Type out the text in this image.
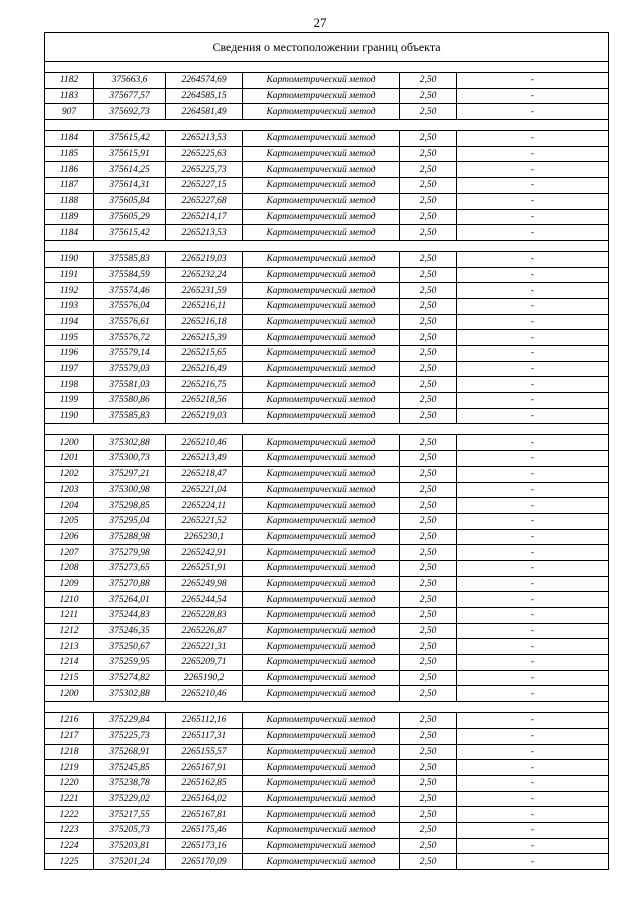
27
Сведения о местоположении границ объекта					

1182	375663,6	2264574,69	Картометрический метод	2,50	-
1183	375677,57	2264585,15	Картометрический метод	2,50	-
907	375692,73	2264581,49	Картометрический метод	2,50	-

1184	375615,42	2265213,53	Картометрический метод	2,50	-
1185	375615,91	2265225,63	Картометрический метод	2,50	-
1186	375614,25	2265225,73	Картометрический метод	2,50	-
1187	375614,31	2265227,15	Картометрический метод	2,50	-
1188	375605,84	2265227,68	Картометрический метод	2,50	-
1189	375605,29	2265214,17	Картометрический метод	2,50	-
1184	375615,42	2265213,53	Картометрический метод	2,50	-

1190	375585,83	2265219,03	Картометрический метод	2,50	-
1191	375584,59	2265232,24	Картометрический метод	2,50	-
1192	375574,46	2265231,59	Картометрический метод	2,50	-
1193	375576,04	2265216,11	Картометрический метод	2,50	-
1194	375576,61	2265216,18	Картометрический метод	2,50	-
1195	375576,72	2265215,39	Картометрический метод	2,50	-
1196	375579,14	2265215,65	Картометрический метод	2,50	-
1197	375579,03	2265216,49	Картометрический метод	2,50	-
1198	375581,03	2265216,75	Картометрический метод	2,50	-
1199	375580,86	2265218,56	Картометрический метод	2,50	-
1190	375585,83	2265219,03	Картометрический метод	2,50	-

1200	375302,88	2265210,46	Картометрический метод	2,50	-
1201	375300,73	2265213,49	Картометрический метод	2,50	-
1202	375297,21	2265218,47	Картометрический метод	2,50	-
1203	375300,98	2265221,04	Картометрический метод	2,50	-
1204	375298,85	2265224,11	Картометрический метод	2,50	-
1205	375295,04	2265221,52	Картометрический метод	2,50	-
1206	375288,98	2265230,1	Картометрический метод	2,50	-
1207	375279,98	2265242,91	Картометрический метод	2,50	-
1208	375273,65	2265251,91	Картометрический метод	2,50	-
1209	375270,88	2265249,98	Картометрический метод	2,50	-
1210	375264,01	2265244,54	Картометрический метод	2,50	-
1211	375244,83	2265228,83	Картометрический метод	2,50	-
1212	375246,35	2265226,87	Картометрический метод	2,50	-
1213	375250,67	2265221,31	Картометрический метод	2,50	-
1214	375259,95	2265209,71	Картометрический метод	2,50	-
1215	375274,82	2265190,2	Картометрический метод	2,50	-
1200	375302,88	2265210,46	Картометрический метод	2,50	-

1216	375229,84	2265112,16	Картометрический метод	2,50	-
1217	375225,73	2265117,31	Картометрический метод	2,50	-
1218	375268,91	2265155,57	Картометрический метод	2,50	-
1219	375245,85	2265167,91	Картометрический метод	2,50	-
1220	375238,78	2265162,85	Картометрический метод	2,50	-
1221	375229,02	2265164,02	Картометрический метод	2,50	-
1222	375217,55	2265167,81	Картометрический метод	2,50	-
1223	375205,73	2265175,46	Картометрический метод	2,50	-
1224	375203,81	2265173,16	Картометрический метод	2,50	-
1225	375201,24	2265170,09	Картометрический метод	2,50	-
